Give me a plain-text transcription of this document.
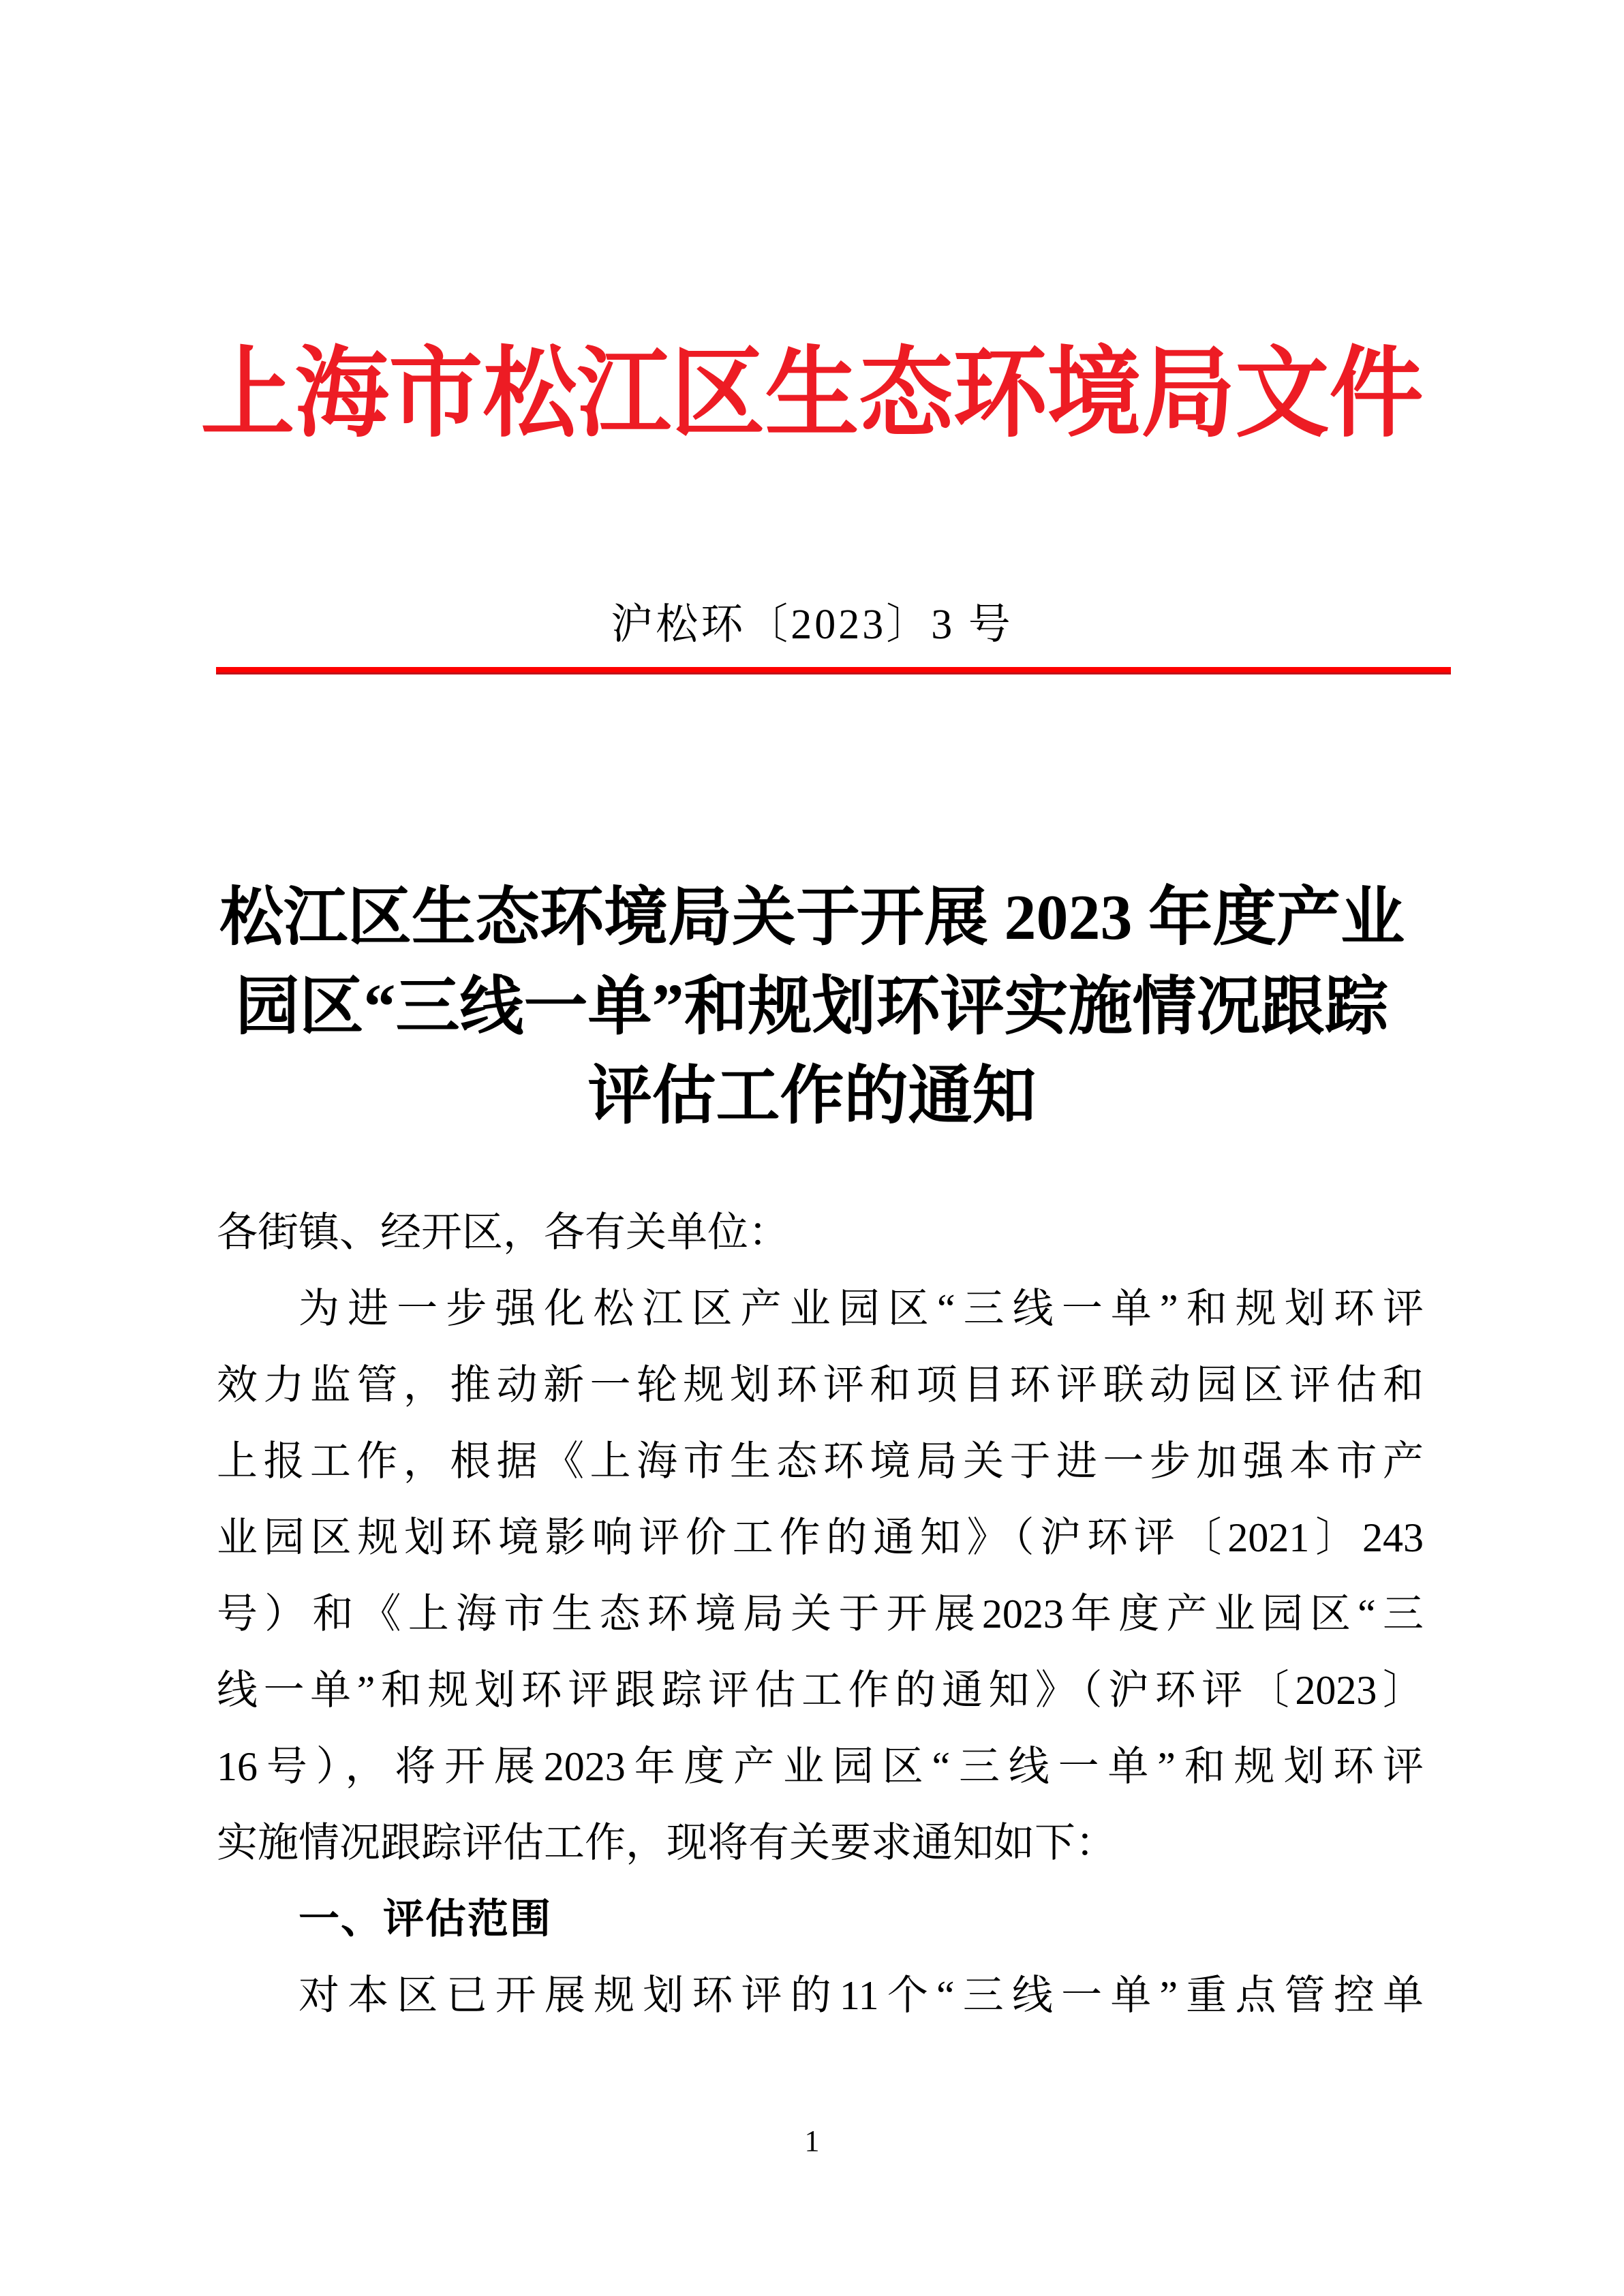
上海市松江区生态环境局文件
沪松环〔2023〕3 号
松江区生态环境局关于开展 2023 年度产业
园区“三线一单”和规划环评实施情况跟踪
评估工作的通知

各街镇、经开区，各有关单位：

为进一步强化松江区产业园区“三线一单”和规划环评

效力监管，推动新一轮规划环评和项目环评联动园区评估和

上报工作，根据《上海市生态环境局关于进一步加强本市产

业园区规划环境影响评价工作的通知》（沪环评〔2021〕243

号）和《上海市生态环境局关于开展2023年度产业园区“三

线一单”和规划环评跟踪评估工作的通知》（沪环评〔2023〕

16号），将开展2023年度产业园区“三线一单”和规划环评

实施情况跟踪评估工作，现将有关要求通知如下：

一、评估范围

对本区已开展规划环评的11个“三线一单”重点管控单

1
